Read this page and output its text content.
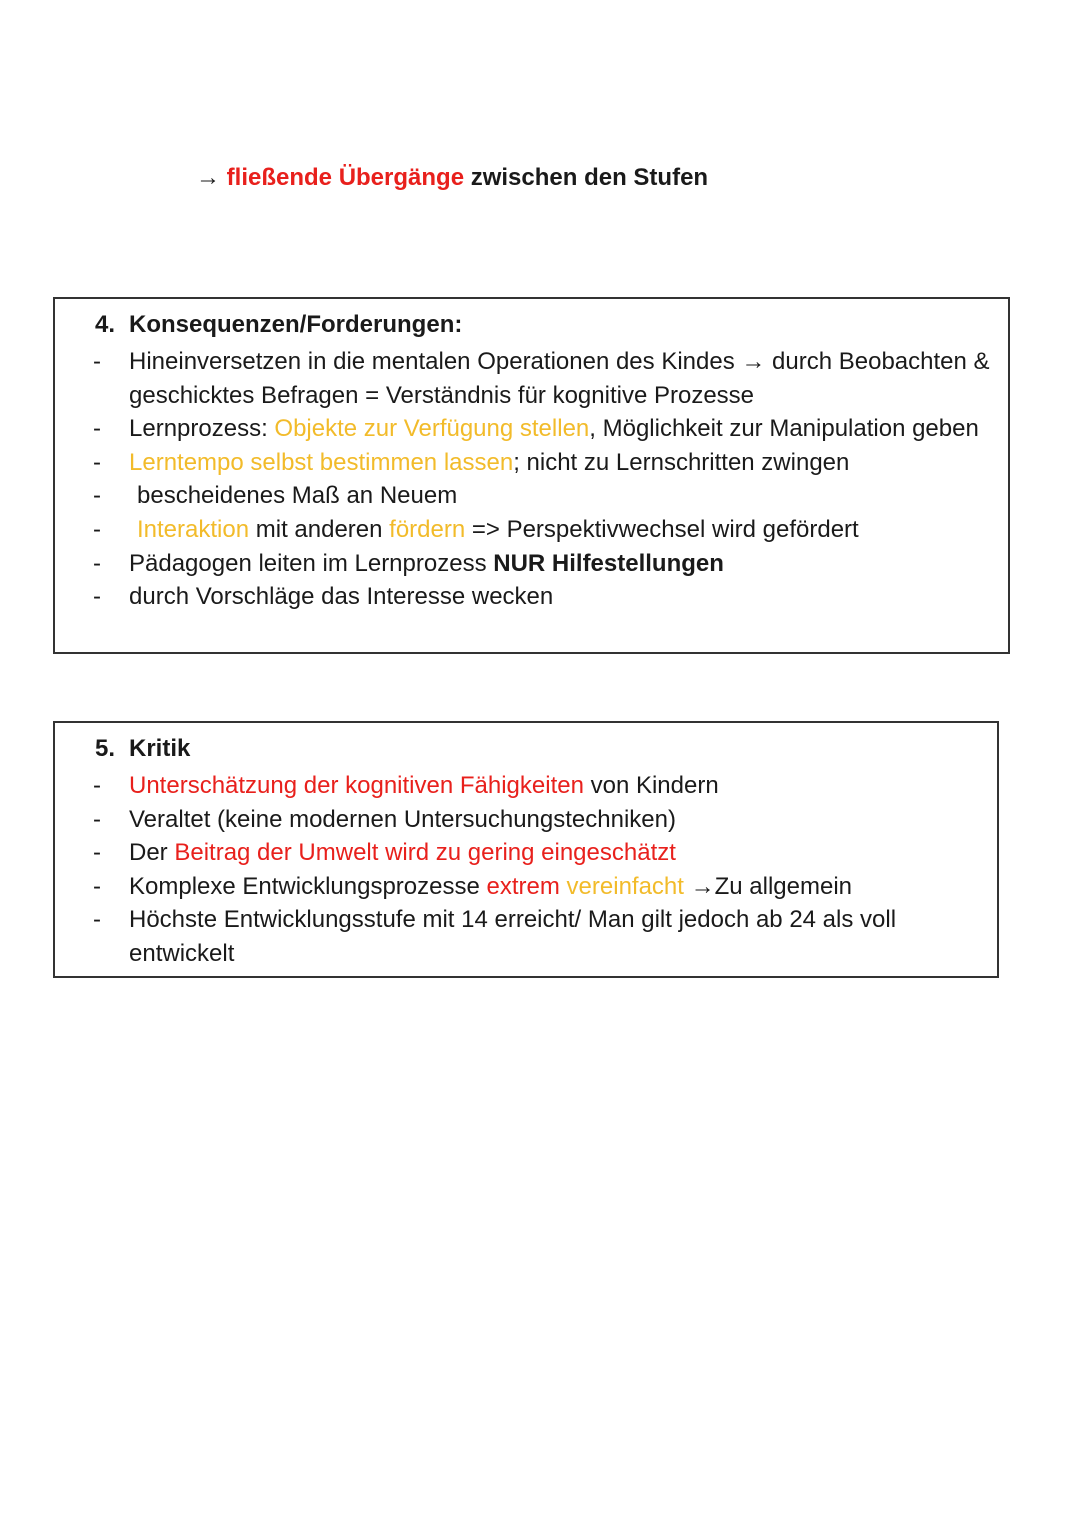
→ fließende Übergänge zwischen den Stufen
4. Konsequenzen/Forderungen:
- Hineinversetzen in die mentalen Operationen des Kindes → durch Beobachten & geschicktes Befragen = Verständnis für kognitive Prozesse
- Lernprozess: Objekte zur Verfügung stellen, Möglichkeit zur Manipulation geben
- Lerntempo selbst bestimmen lassen; nicht zu Lernschritten zwingen
-	bescheidenes Maß an Neuem
-	Interaktion mit anderen fördern => Perspektivwechsel wird gefördert
- Pädagogen leiten im Lernprozess NUR Hilfestellungen
- durch Vorschläge das Interesse wecken
5. Kritik
- Unterschätzung der kognitiven Fähigkeiten von Kindern
- Veraltet (keine modernen Untersuchungstechniken)
- Der Beitrag der Umwelt wird zu gering eingeschätzt
- Komplexe Entwicklungsprozesse extrem vereinfacht →Zu allgemein
- Höchste Entwicklungsstufe mit 14 erreicht/ Man gilt jedoch ab 24 als voll entwickelt
